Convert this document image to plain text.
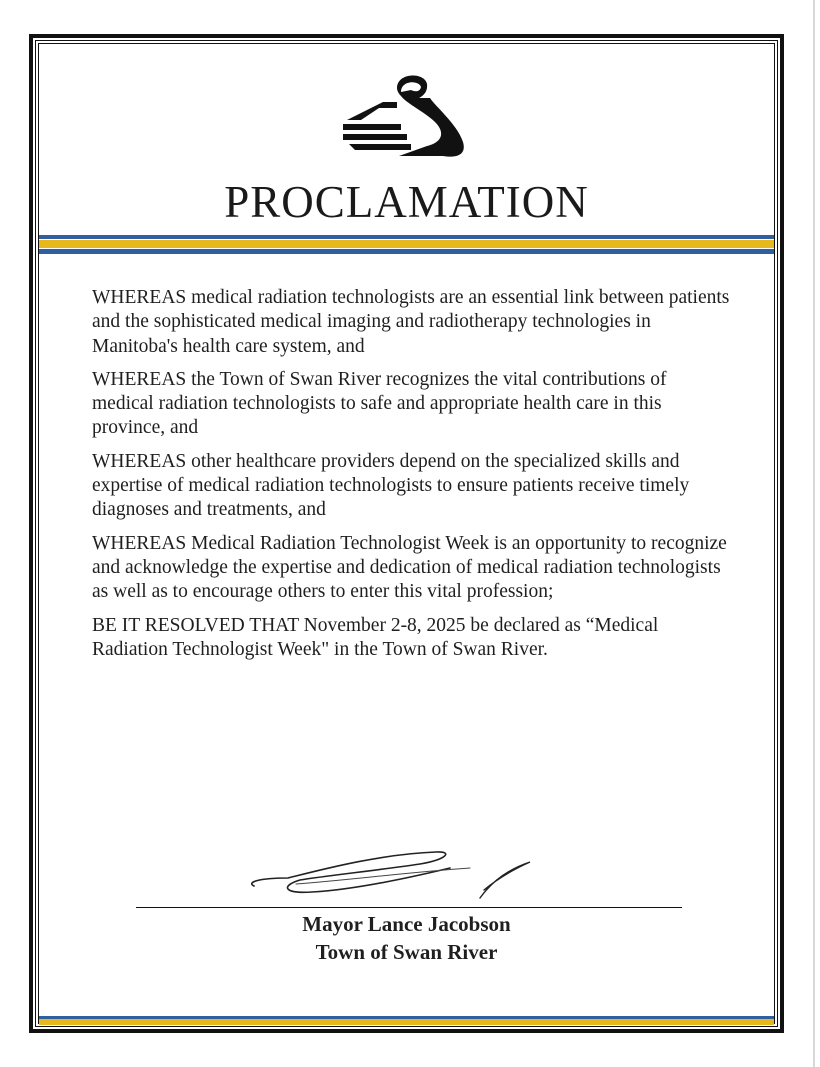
PROCLAMATION

WHEREAS medical radiation technologists are an essential link between patients and the sophisticated medical imaging and radiotherapy technologies in Manitoba's health care system, and

WHEREAS the Town of Swan River recognizes the vital contributions of medical radiation technologists to safe and appropriate health care in this province, and

WHEREAS other healthcare providers depend on the specialized skills and expertise of medical radiation technologists to ensure patients receive timely diagnoses and treatments, and

WHEREAS Medical Radiation Technologist Week is an opportunity to recognize and acknowledge the expertise and dedication of medical radiation technologists as well as to encourage others to enter this vital profession;

BE IT RESOLVED THAT November 2-8, 2025 be declared as “Medical Radiation Technologist Week" in the Town of Swan River.

Mayor Lance Jacobson
Town of Swan River
